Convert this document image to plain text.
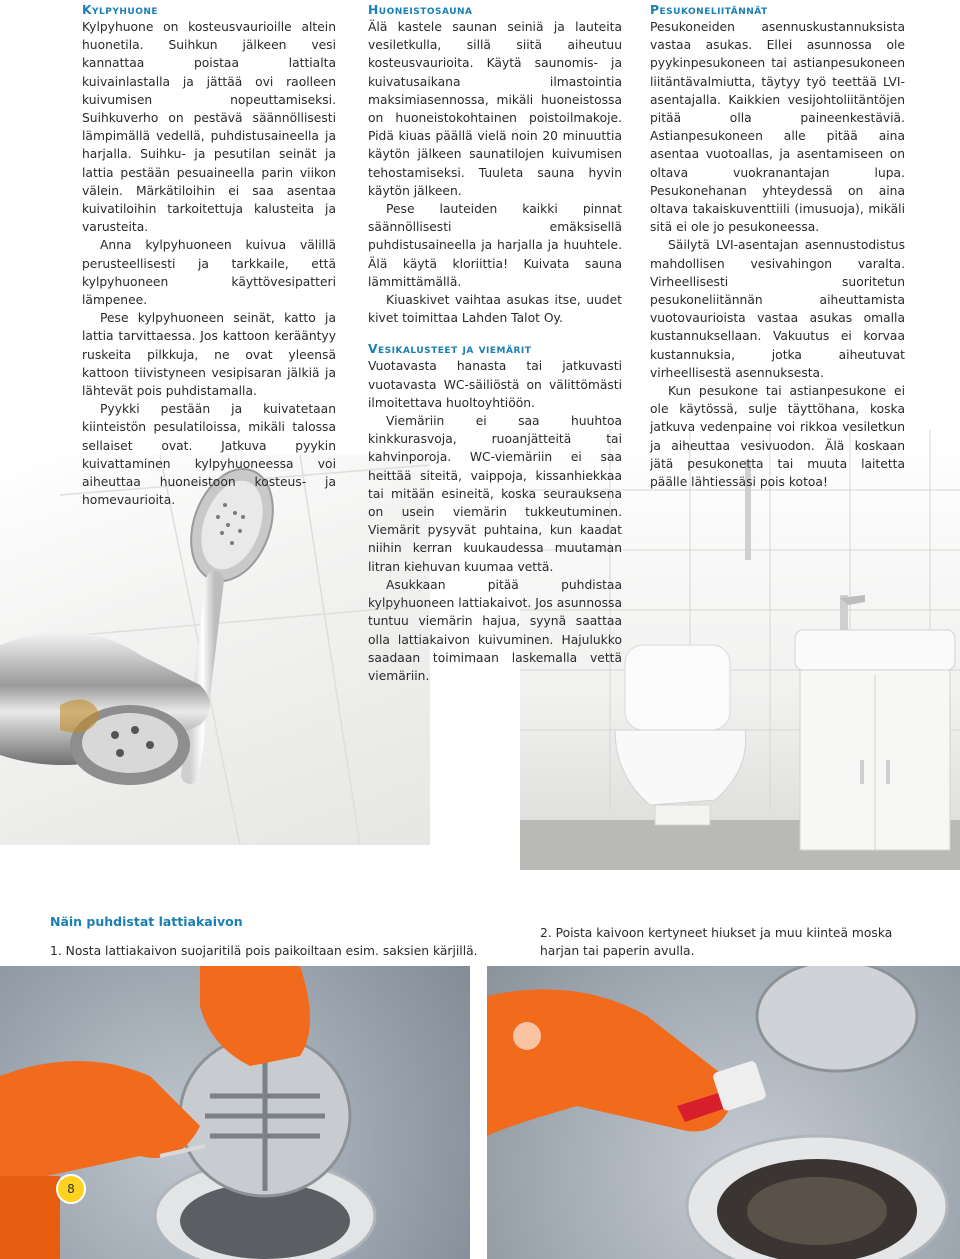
Kylpyhuone

Kylpyhuone on kosteusvaurioille altein huonetila. Suihkun jälkeen vesi kannattaa poistaa lattialta kuivainlastalla ja jättää ovi raolleen kuivumisen nopeuttamiseksi. Suihkuverho on pestävä säännöllisesti lämpimällä vedellä, puhdistusaineella ja harjalla. Suihku- ja pesutilan seinät ja lattia pestään pesuaineella parin viikon välein. Märkätiloihin ei saa asentaa kuivatiloihin tarkoitettuja kalusteita ja varusteita.

Anna kylpyhuoneen kuivua välillä perusteellisesti ja tarkkaile, että kylpyhuoneen käyttövesipatteri lämpenee.

Pese kylpyhuoneen seinät, katto ja lattia tarvittaessa. Jos kattoon kerääntyy ruskeita pilkkuja, ne ovat yleensä kattoon tiivistyneen vesipisaran jälkiä ja lähtevät pois puhdistamalla.

Pyykki pestään ja kuivatetaan kiinteistön pesulatiloissa, mikäli talossa sellaiset ovat. Jatkuva pyykin kuivattaminen kylpyhuoneessa voi aiheuttaa huoneistoon kosteus- ja homevaurioita.

Huoneistosauna

Älä kastele saunan seiniä ja lauteita vesiletkulla, sillä siitä aiheutuu kosteusvaurioita. Käytä saunomis- ja kuivatusaikana ilmastointia maksimiasennossa, mikäli huoneistossa on huoneistokohtainen poistoilmakoje. Pidä kiuas päällä vielä noin 20 minuuttia käytön jälkeen saunatilojen kuivumisen tehostamiseksi. Tuuleta sauna hyvin käytön jälkeen.

Pese lauteiden kaikki pinnat säännöllisesti emäksisellä puhdistusaineella ja harjalla ja huuhtele. Älä käytä kloriittia! Kuivata sauna lämmittämällä.

Kiuaskivet vaihtaa asukas itse, uudet kivet toimittaa Lahden Talot Oy.

Vesikalusteet ja viemärit

Vuotavasta hanasta tai jatkuvasti vuotavasta WC-säiliöstä on välittömästi ilmoitettava huoltoyhtiöön.

Viemäriin ei saa huuhtoa kinkkurasvoja, ruoanjätteitä tai kahvinporoja. WC-viemäriin ei saa heittää siteitä, vaippoja, kissanhiekkaa tai mitään esineitä, koska seurauksena on usein viemärin tukkeutuminen. Viemärit pysyvät puhtaina, kun kaadat niihin kerran kuukaudessa muutaman litran kiehuvan kuumaa vettä.

Asukkaan pitää puhdistaa kylpyhuoneen lattiakaivot. Jos asunnossa tuntuu viemärin hajua, syynä saattaa olla lattiakaivon kuivuminen. Hajulukko saadaan toimimaan laskemalla vettä viemäriin.

Pesukoneliitännät

Pesukoneiden asennuskustannuksista vastaa asukas. Ellei asunnossa ole pyykinpesukoneen tai astianpesukoneen liitäntävalmiutta, täytyy työ teettää LVI-asentajalla. Kaikkien vesijohtoliitäntöjen pitää olla paineenkestäviä. Astianpesukoneen alle pitää aina asentaa vuotoallas, ja asentamiseen on oltava vuokranantajan lupa. Pesukonehanan yhteydessä on aina oltava takaiskuventtiili (imusuoja), mikäli sitä ei ole jo pesukoneessa.

Säilytä LVI-asentajan asennustodistus mahdollisen vesivahingon varalta. Virheellisesti suoritetun pesukoneliitännän aiheuttamista vuotovaurioista vastaa asukas omalla kustannuksellaan. Vakuutus ei korvaa kustannuksia, jotka aiheutuvat virheellisestä asennuksesta.

Kun pesukone tai astianpesukone ei ole käytössä, sulje täyttöhana, koska jatkuva vedenpaine voi rikkoa vesiletkun ja aiheuttaa vesivuodon. Älä koskaan jätä pesukonetta tai muuta laitetta päälle lähtiessäsi pois kotoa!

Näin puhdistat lattiakaivon
1. Nosta lattiakaivon suojaritilä pois paikoiltaan esim. saksien kärjillä.
2. Poista kaivoon kertyneet hiukset ja muu kiinteä moska harjan tai paperin avulla.
8
